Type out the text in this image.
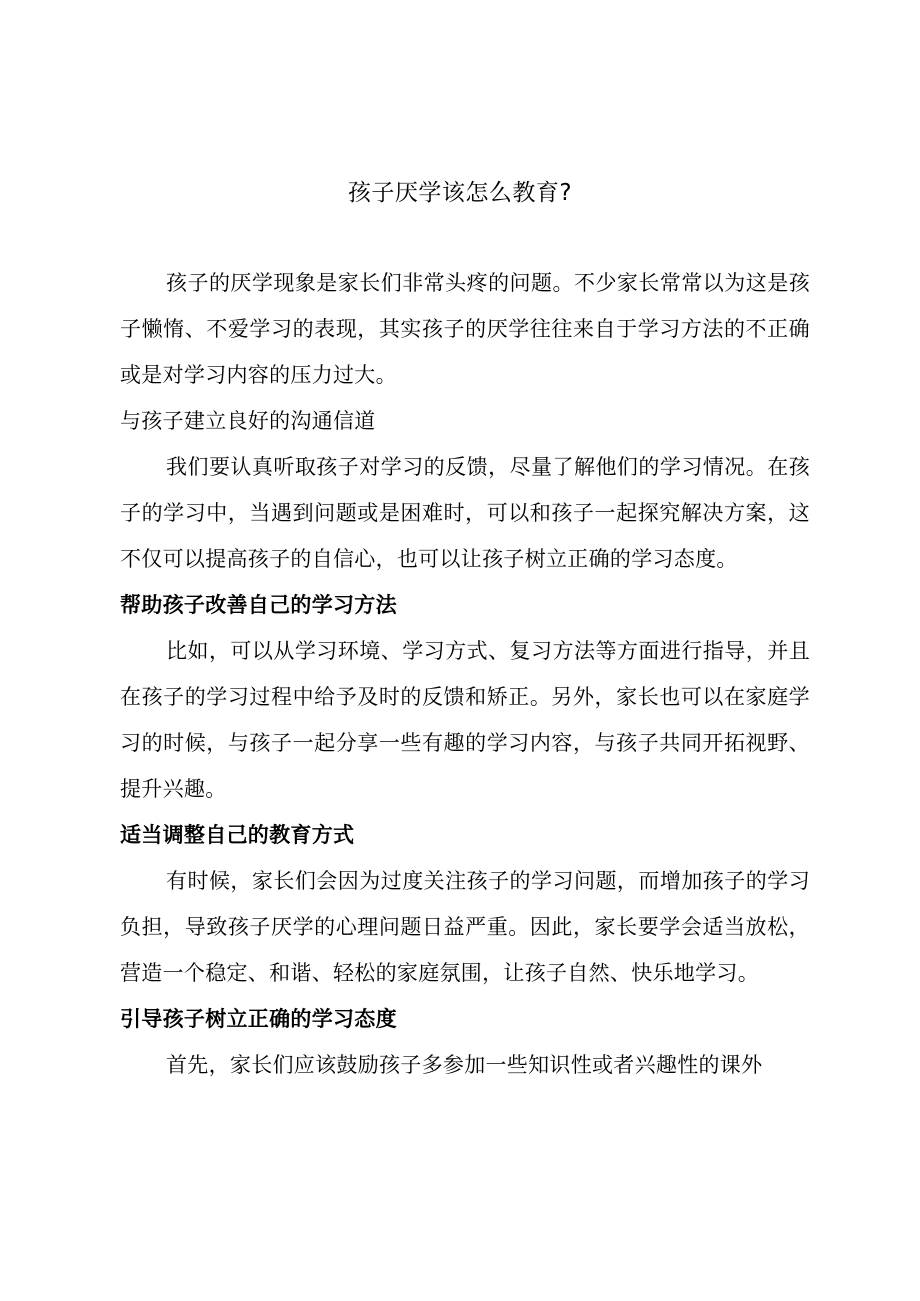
孩子厌学该怎么教育?

孩子的厌学现象是家长们非常头疼的问题。不少家长常常以为这是孩子懒惰、不爱学习的表现，其实孩子的厌学往往来自于学习方法的不正确或是对学习内容的压力过大。

与孩子建立良好的沟通信道

我们要认真听取孩子对学习的反馈，尽量了解他们的学习情况。在孩子的学习中，当遇到问题或是困难时，可以和孩子一起探究解决方案，这不仅可以提高孩子的自信心，也可以让孩子树立正确的学习态度。

帮助孩子改善自己的学习方法

比如，可以从学习环境、学习方式、复习方法等方面进行指导，并且在孩子的学习过程中给予及时的反馈和矫正。另外，家长也可以在家庭学习的时候，与孩子一起分享一些有趣的学习内容，与孩子共同开拓视野、提升兴趣。

适当调整自己的教育方式

有时候，家长们会因为过度关注孩子的学习问题，而增加孩子的学习负担，导致孩子厌学的心理问题日益严重。因此，家长要学会适当放松，营造一个稳定、和谐、轻松的家庭氛围，让孩子自然、快乐地学习。

引导孩子树立正确的学习态度

首先，家长们应该鼓励孩子多参加一些知识性或者兴趣性的课外
